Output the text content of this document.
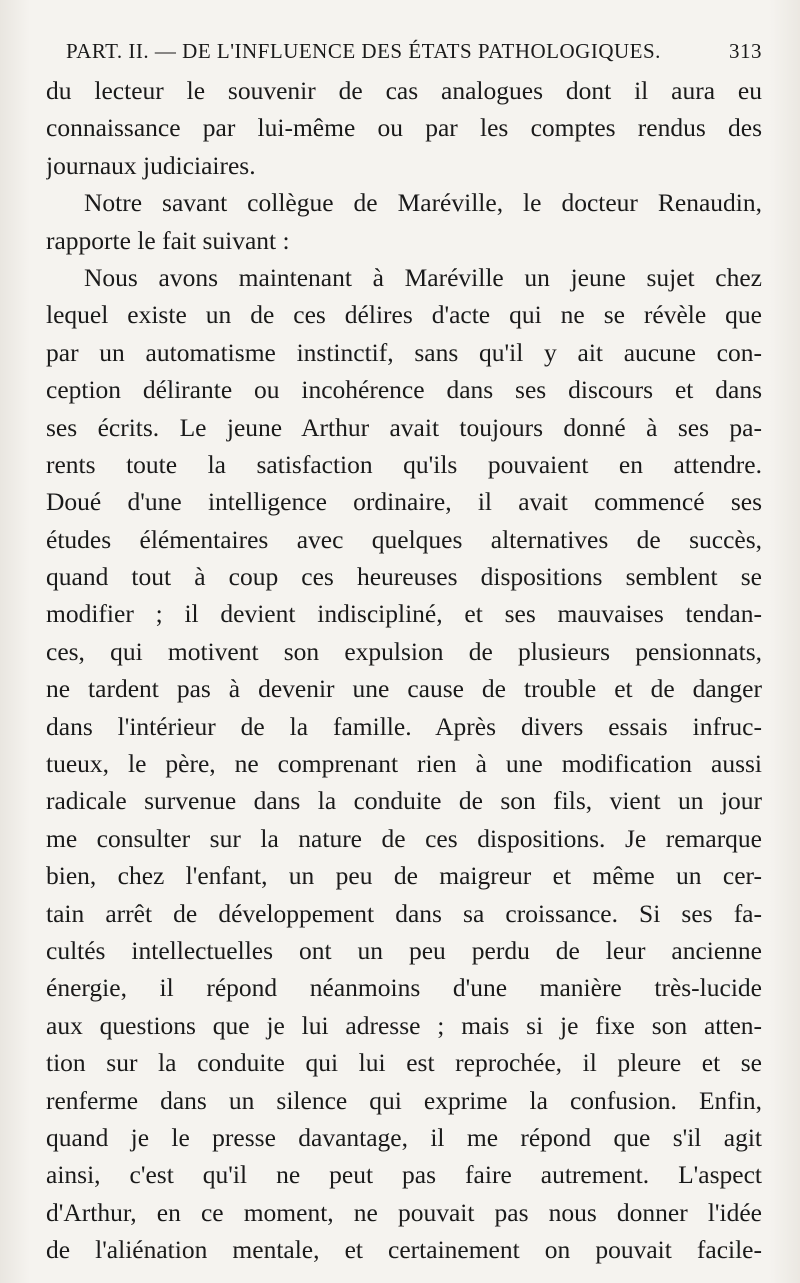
PART. II. — DE L'INFLUENCE DES ÉTATS PATHOLOGIQUES.	313
du lecteur le souvenir de cas analogues dont il aura eu
connaissance par lui-même ou par les comptes rendus des
journaux judiciaires.
Notre savant collègue de Maréville, le docteur Renaudin,
rapporte le fait suivant :
Nous avons maintenant à Maréville un jeune sujet chez
lequel existe un de ces délires d'acte qui ne se révèle que
par un automatisme instinctif, sans qu'il y ait aucune con-
ception délirante ou incohérence dans ses discours et dans
ses écrits. Le jeune Arthur avait toujours donné à ses pa-
rents toute la satisfaction qu'ils pouvaient en attendre.
Doué d'une intelligence ordinaire, il avait commencé ses
études élémentaires avec quelques alternatives de succès,
quand tout à coup ces heureuses dispositions semblent se
modifier ; il devient indiscipliné, et ses mauvaises tendan-
ces, qui motivent son expulsion de plusieurs pensionnats,
ne tardent pas à devenir une cause de trouble et de danger
dans l'intérieur de la famille. Après divers essais infruc-
tueux, le père, ne comprenant rien à une modification aussi
radicale survenue dans la conduite de son fils, vient un jour
me consulter sur la nature de ces dispositions. Je remarque
bien, chez l'enfant, un peu de maigreur et même un cer-
tain arrêt de développement dans sa croissance. Si ses fa-
cultés intellectuelles ont un peu perdu de leur ancienne
énergie, il répond néanmoins d'une manière très-lucide
aux questions que je lui adresse ; mais si je fixe son atten-
tion sur la conduite qui lui est reprochée, il pleure et se
renferme dans un silence qui exprime la confusion. Enfin,
quand je le presse davantage, il me répond que s'il agit
ainsi, c'est qu'il ne peut pas faire autrement. L'aspect
d'Arthur, en ce moment, ne pouvait pas nous donner l'idée
de l'aliénation mentale, et certainement on pouvait facile-
